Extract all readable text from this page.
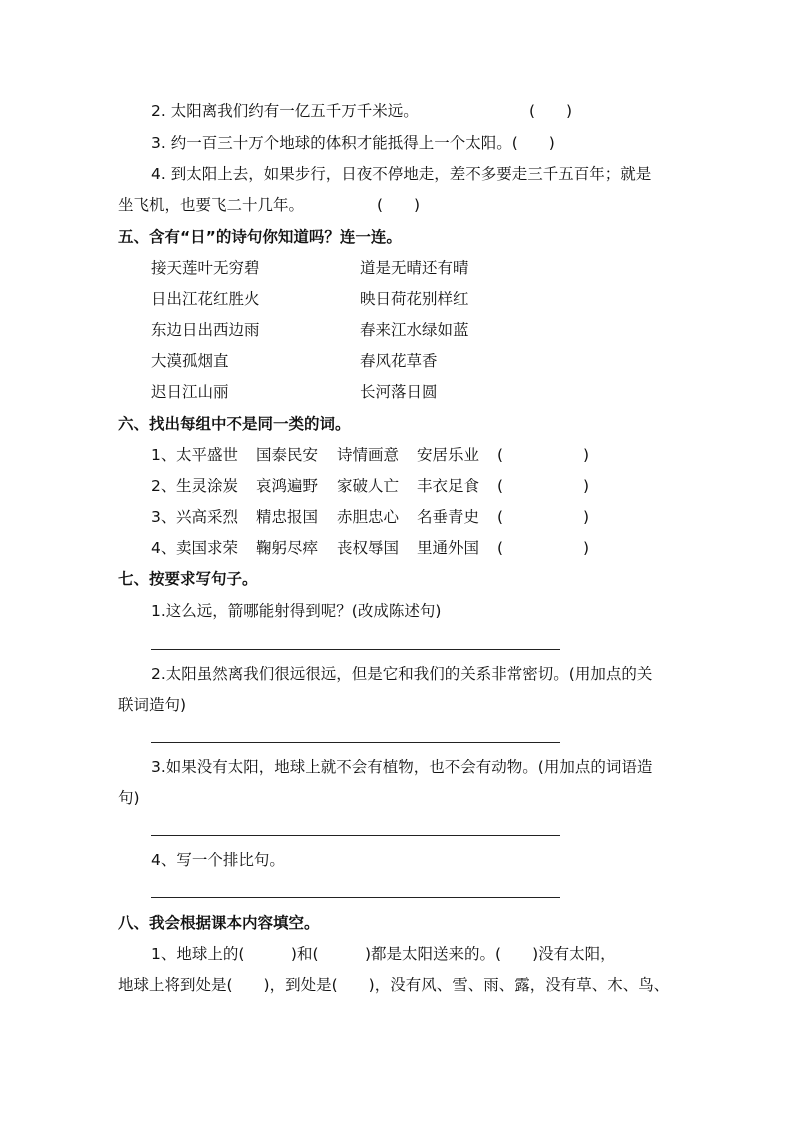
2. 太阳离我们约有一亿五千万千米远。	(　　)
3. 约一百三十万个地球的体积才能抵得上一个太阳。(　　)
4. 到太阳上去，如果步行，日夜不停地走，差不多要走三千五百年；就是
坐飞机，也要飞二十几年。	(　　)
五、含有“日”的诗句你知道吗？连一连。
接天莲叶无穷碧	道是无晴还有晴
日出江花红胜火	映日荷花别样红
东边日出西边雨	春来江水绿如蓝
大漠孤烟直	春风花草香
迟日江山丽	长河落日圆
六、找出每组中不是同一类的词。
1、 太平盛世 国泰民安 诗情画意 安居乐业 (	)
2、 生灵涂炭 哀鸿遍野 家破人亡 丰衣足食 (	)
3、 兴高采烈 精忠报国 赤胆忠心 名垂青史 (	)
4、 卖国求荣 鞠躬尽瘁 丧权辱国 里通外国 (	)
七、按要求写句子。
1.这么远，箭哪能射得到呢？(改成陈述句)
2.太阳虽然离我们很远很远，但是它和我们的关系非常密切。(用加点的关
联词造句)
3.如果没有太阳，地球上就不会有植物，也不会有动物。(用加点的词语造
句)
4、写一个排比句。
八、我会根据课本内容填空。
1、地球上的(　　　)和(　　　)都是太阳送来的。(　　)没有太阳，
地球上将到处是(　　)，到处是(　　)，没有风、雪、雨、露，没有草、木、鸟、
